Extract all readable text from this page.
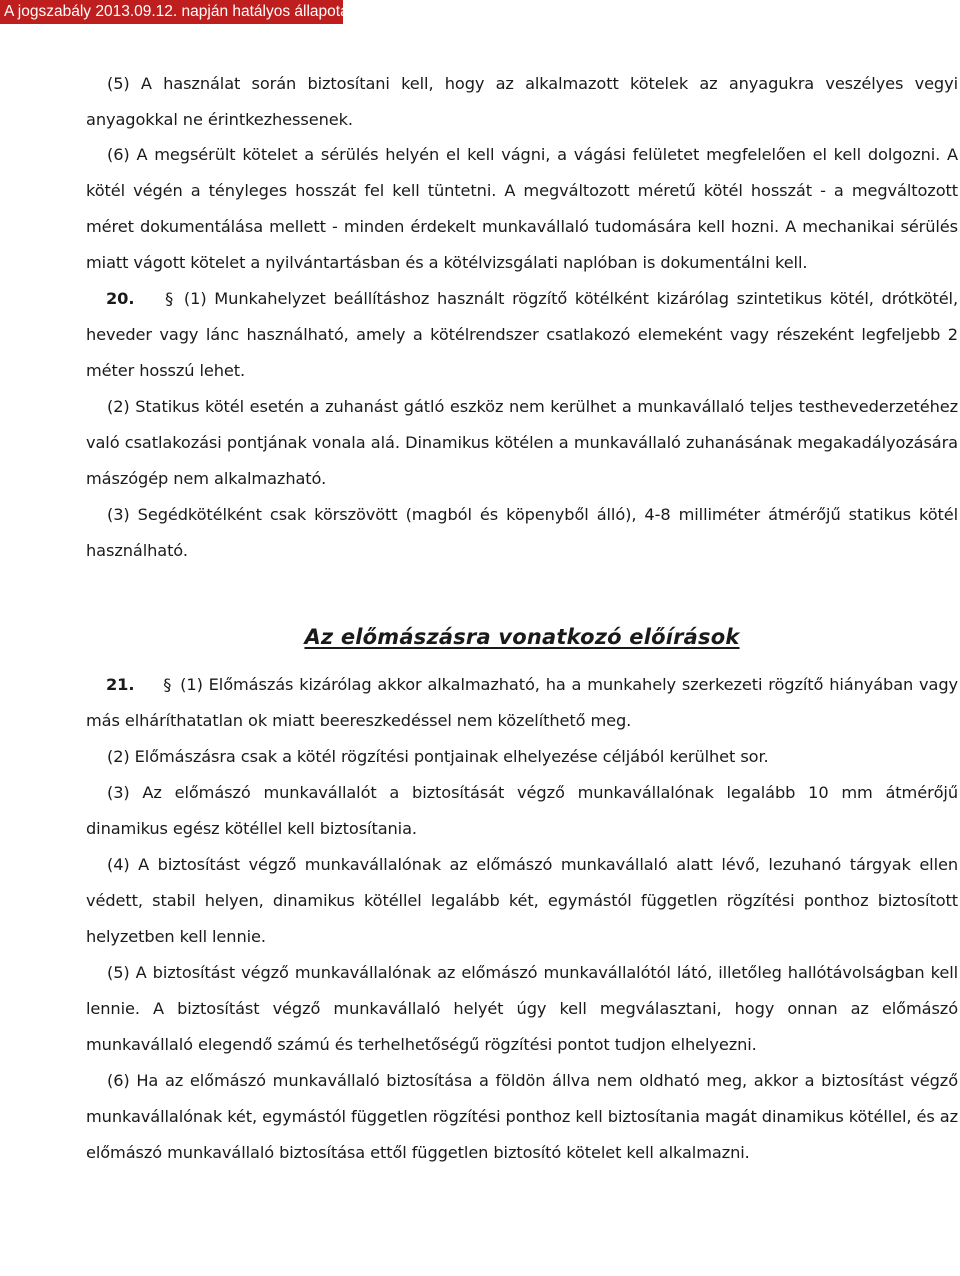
A jogszabály 2013.09.12. napján hatályos állapota

(5) A használat során biztosítani kell, hogy az alkalmazott kötelek az anyagukra veszélyes vegyi anyagokkal ne érintkezhessenek.

(6) A megsérült kötelet a sérülés helyén el kell vágni, a vágási felületet megfelelően el kell dolgozni. A kötél végén a tényleges hosszát fel kell tüntetni. A megváltozott méretű kötél hosszát - a megváltozott méret dokumentálása mellett - minden érdekelt munkavállaló tudomására kell hozni. A mechanikai sérülés miatt vágott kötelet a nyilvántartásban és a kötélvizsgálati naplóban is dokumentálni kell.

20. § (1) Munkahelyzet beállításhoz használt rögzítő kötélként kizárólag szintetikus kötél, drótkötél, heveder vagy lánc használható, amely a kötélrendszer csatlakozó elemeként vagy részeként legfeljebb 2 méter hosszú lehet.

(2) Statikus kötél esetén a zuhanást gátló eszköz nem kerülhet a munkavállaló teljes testhevederzetéhez való csatlakozási pontjának vonala alá. Dinamikus kötélen a munkavállaló zuhanásának megakadályozására mászógép nem alkalmazható.

(3) Segédkötélként csak körszövött (magból és köpenyből álló), 4-8 milliméter átmérőjű statikus kötél használható.

Az előmászásra vonatkozó előírások

21. § (1) Előmászás kizárólag akkor alkalmazható, ha a munkahely szerkezeti rögzítő hiányában vagy más elháríthatatlan ok miatt beereszkedéssel nem közelíthető meg.

(2) Előmászásra csak a kötél rögzítési pontjainak elhelyezése céljából kerülhet sor.

(3) Az előmászó munkavállalót a biztosítását végző munkavállalónak legalább 10 mm átmérőjű dinamikus egész kötéllel kell biztosítania.

(4) A biztosítást végző munkavállalónak az előmászó munkavállaló alatt lévő, lezuhanó tárgyak ellen védett, stabil helyen, dinamikus kötéllel legalább két, egymástól független rögzítési ponthoz biztosított helyzetben kell lennie.

(5) A biztosítást végző munkavállalónak az előmászó munkavállalótól látó, illetőleg hallótávolságban kell lennie. A biztosítást végző munkavállaló helyét úgy kell megválasztani, hogy onnan az előmászó munkavállaló elegendő számú és terhelhetőségű rögzítési pontot tudjon elhelyezni.

(6) Ha az előmászó munkavállaló biztosítása a földön állva nem oldható meg, akkor a biztosítást végző munkavállalónak két, egymástól független rögzítési ponthoz kell biztosítania magát dinamikus kötéllel, és az előmászó munkavállaló biztosítása ettől független biztosító kötelet kell alkalmazni.
